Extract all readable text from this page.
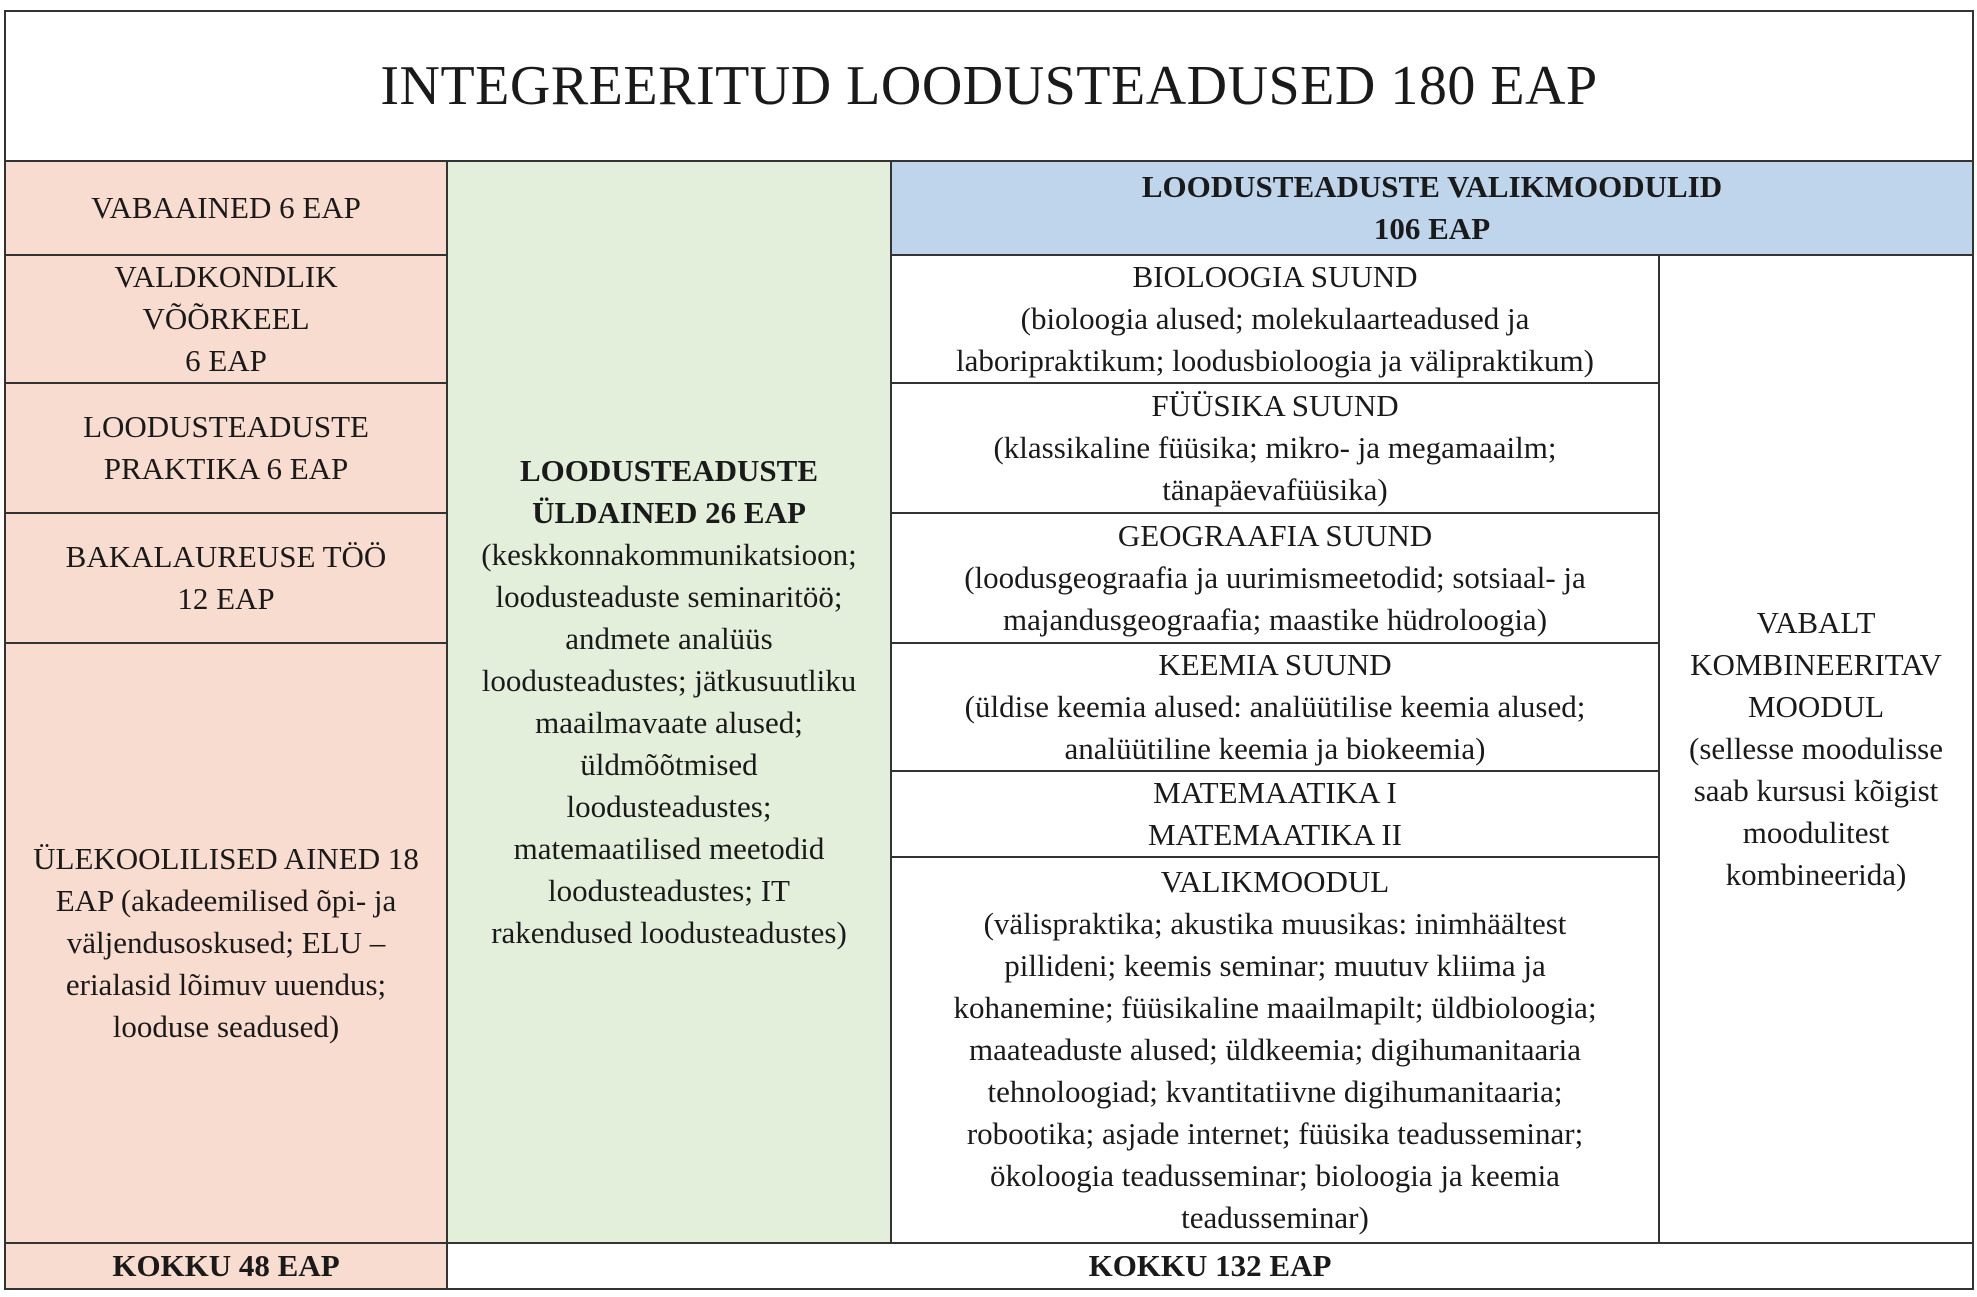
INTEGREERITUD LOODUSTEADUSED 180 EAP
VABAAINED 6 EAP
VALDKONDLIK
VÕÕRKEEL
6 EAP
LOODUSTEADUSTE
PRAKTIKA 6 EAP
BAKALAUREUSE TÖÖ
12 EAP
ÜLEKOOLILISED AINED 18
EAP (akadeemilised õpi- ja
väljendusoskused; ELU –
erialasid lõimuv uuendus;
looduse seadused)
KOKKU 48 EAP
LOODUSTEADUSTE
ÜLDAINED 26 EAP
(keskkonnakommunikatsioon;
loodusteaduste seminaritöö;
andmete analüüs
loodusteadustes; jätkusuutliku
maailmavaate alused;
üldmõõtmised
loodusteadustes;
matemaatilised meetodid
loodusteadustes; IT
rakendused loodusteadustes)
LOODUSTEADUSTE VALIKMOODULID
106 EAP
BIOLOOGIA SUUND
(bioloogia alused; molekulaarteadused ja
laboripraktikum; loodusbioloogia ja välipraktikum)
FÜÜSIKA SUUND
(klassikaline füüsika; mikro- ja megamaailm;
tänapäevafüüsika)
GEOGRAAFIA SUUND
(loodusgeograafia ja uurimismeetodid; sotsiaal- ja
majandusgeograafia; maastike hüdroloogia)
KEEMIA SUUND
(üldise keemia alused: analüütilise keemia alused;
analüütiline keemia ja biokeemia)
MATEMAATIKA I
MATEMAATIKA II
VALIKMOODUL
(välispraktika; akustika muusikas: inimhäältest
pillideni; keemis seminar; muutuv kliima ja
kohanemine; füüsikaline maailmapilt; üldbioloogia;
maateaduste alused; üldkeemia; digihumanitaaria
tehnoloogiad; kvantitatiivne digihumanitaaria;
robootika; asjade internet; füüsika teadusseminar;
ökoloogia teadusseminar; bioloogia ja keemia
teadusseminar)
VABALT
KOMBINEERITAV
MOODUL
(sellesse moodulisse
saab kursusi kõigist
moodulitest
kombineerida)
KOKKU 132 EAP
